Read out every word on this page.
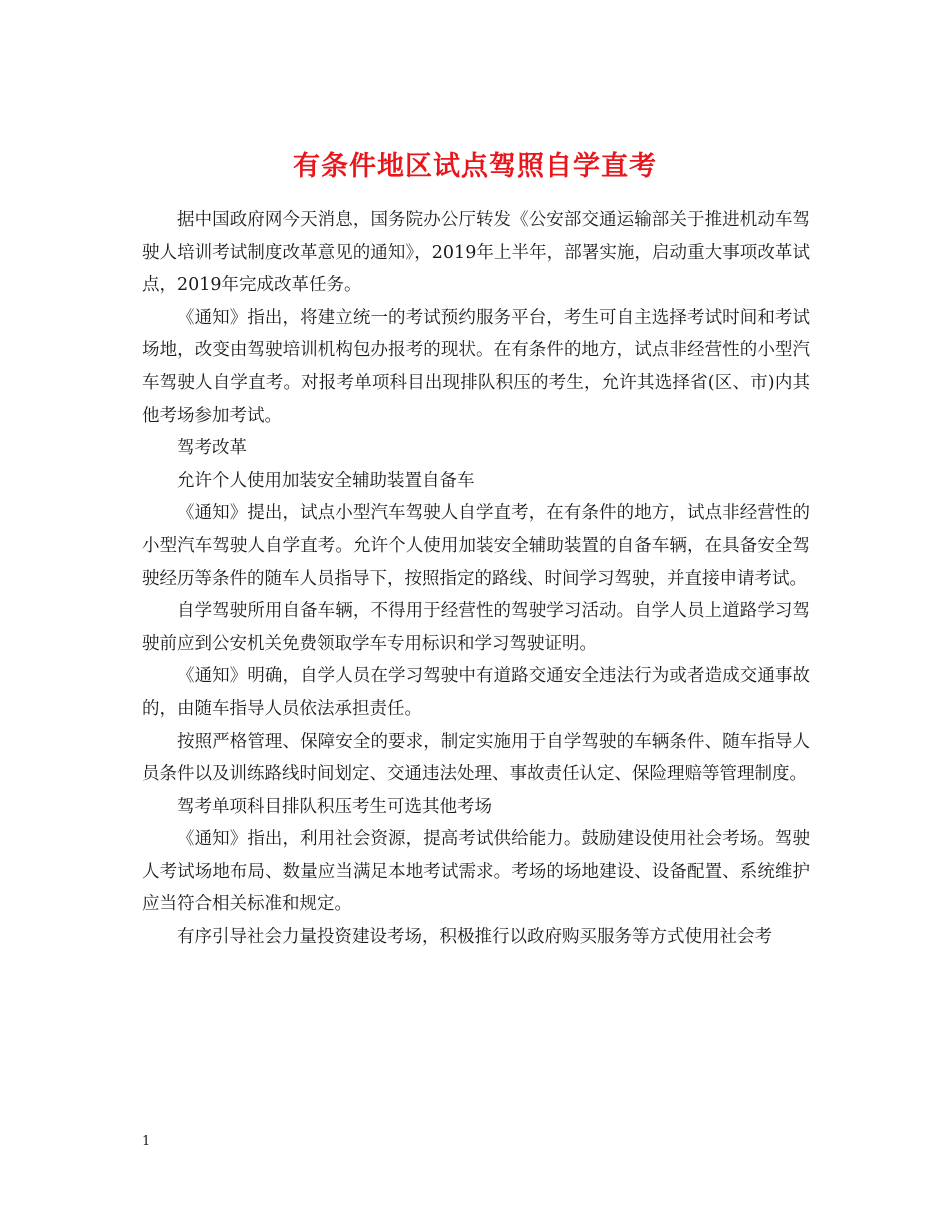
有条件地区试点驾照自学直考

据中国政府网今天消息，国务院办公厅转发《公安部交通运输部关于推进机动车驾驶人培训考试制度改革意见的通知》，2019年上半年，部署实施，启动重大事项改革试点，2019年完成改革任务。

《通知》指出，将建立统一的考试预约服务平台，考生可自主选择考试时间和考试场地，改变由驾驶培训机构包办报考的现状。在有条件的地方，试点非经营性的小型汽车驾驶人自学直考。对报考单项科目出现排队积压的考生，允许其选择省(区、市)内其他考场参加考试。

驾考改革

允许个人使用加装安全辅助装置自备车

《通知》提出，试点小型汽车驾驶人自学直考，在有条件的地方，试点非经营性的小型汽车驾驶人自学直考。允许个人使用加装安全辅助装置的自备车辆，在具备安全驾驶经历等条件的随车人员指导下，按照指定的路线、时间学习驾驶，并直接申请考试。

自学驾驶所用自备车辆，不得用于经营性的驾驶学习活动。自学人员上道路学习驾驶前应到公安机关免费领取学车专用标识和学习驾驶证明。

《通知》明确，自学人员在学习驾驶中有道路交通安全违法行为或者造成交通事故的，由随车指导人员依法承担责任。

按照严格管理、保障安全的要求，制定实施用于自学驾驶的车辆条件、随车指导人员条件以及训练路线时间划定、交通违法处理、事故责任认定、保险理赔等管理制度。

驾考单项科目排队积压考生可选其他考场

《通知》指出，利用社会资源，提高考试供给能力。鼓励建设使用社会考场。驾驶人考试场地布局、数量应当满足本地考试需求。考场的场地建设、设备配置、系统维护应当符合相关标准和规定。

有序引导社会力量投资建设考场，积极推行以政府购买服务等方式使用社会考

1
